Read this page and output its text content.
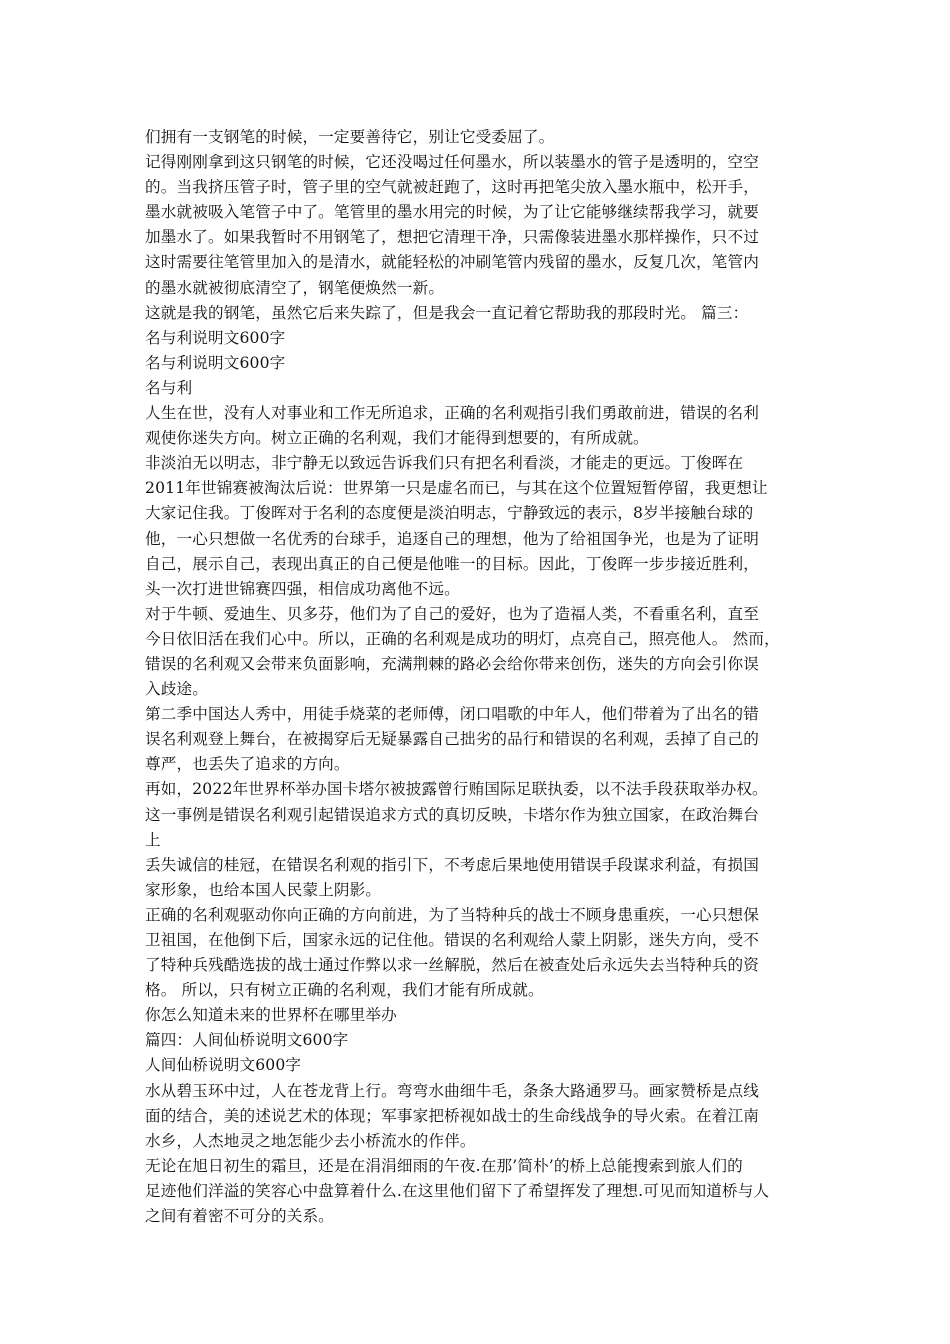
们拥有一支钢笔的时候，一定要善待它，别让它受委屈了。
记得刚刚拿到这只钢笔的时候，它还没喝过任何墨水，所以装墨水的管子是透明的，空空
的。当我挤压管子时，管子里的空气就被赶跑了，这时再把笔尖放入墨水瓶中，松开手，
墨水就被吸入笔管子中了。笔管里的墨水用完的时候，为了让它能够继续帮我学习，就要
加墨水了。如果我暂时不用钢笔了，想把它清理干净，只需像装进墨水那样操作，只不过
这时需要往笔管里加入的是清水，就能轻松的冲刷笔管内残留的墨水，反复几次，笔管内
的墨水就被彻底清空了，钢笔便焕然一新。
这就是我的钢笔，虽然它后来失踪了，但是我会一直记着它帮助我的那段时光。 篇三：
名与利说明文600字
名与利说明文600字
名与利
人生在世，没有人对事业和工作无所追求，正确的名利观指引我们勇敢前进，错误的名利
观使你迷失方向。树立正确的名利观，我们才能得到想要的，有所成就。
非淡泊无以明志，非宁静无以致远告诉我们只有把名利看淡，才能走的更远。丁俊晖在
2011年世锦赛被淘汰后说：世界第一只是虚名而已，与其在这个位置短暂停留，我更想让
大家记住我。丁俊晖对于名利的态度便是淡泊明志，宁静致远的表示，8岁半接触台球的
他，一心只想做一名优秀的台球手，追逐自己的理想，他为了给祖国争光，也是为了证明
自己，展示自己，表现出真正的自己便是他唯一的目标。因此，丁俊晖一步步接近胜利，
头一次打进世锦赛四强，相信成功离他不远。
对于牛顿、爱迪生、贝多芬，他们为了自己的爱好，也为了造福人类，不看重名利，直至
今日依旧活在我们心中。所以，正确的名利观是成功的明灯，点亮自己，照亮他人。 然而，
错误的名利观又会带来负面影响，充满荆棘的路必会给你带来创伤，迷失的方向会引你误
入歧途。
第二季中国达人秀中，用徒手烧菜的老师傅，闭口唱歌的中年人，他们带着为了出名的错
误名利观登上舞台，在被揭穿后无疑暴露自己拙劣的品行和错误的名利观，丢掉了自己的
尊严，也丢失了追求的方向。
再如，2022年世界杯举办国卡塔尔被披露曾行贿国际足联执委，以不法手段获取举办权。
这一事例是错误名利观引起错误追求方式的真切反映，卡塔尔作为独立国家，在政治舞台
上
丢失诚信的桂冠，在错误名利观的指引下，不考虑后果地使用错误手段谋求利益，有损国
家形象，也给本国人民蒙上阴影。
正确的名利观驱动你向正确的方向前进，为了当特种兵的战士不顾身患重疾，一心只想保
卫祖国，在他倒下后，国家永远的记住他。错误的名利观给人蒙上阴影，迷失方向，受不
了特种兵残酷选拔的战士通过作弊以求一丝解脱，然后在被查处后永远失去当特种兵的资
格。 所以，只有树立正确的名利观，我们才能有所成就。
你怎么知道未来的世界杯在哪里举办
篇四：人间仙桥说明文600字
人间仙桥说明文600字
水从碧玉环中过，人在苍龙背上行。弯弯水曲细牛毛，条条大路通罗马。画家赞桥是点线
面的结合，美的述说艺术的体现；军事家把桥视如战士的生命线战争的导火索。在着江南
水乡，人杰地灵之地怎能少去小桥流水的作伴。
无论在旭日初生的霜旦，还是在涓涓细雨的午夜.在那’简朴’的桥上总能搜索到旅人们的
足迹他们洋溢的笑容心中盘算着什么.在这里他们留下了希望挥发了理想.可见而知道桥与人
之间有着密不可分的关系。
